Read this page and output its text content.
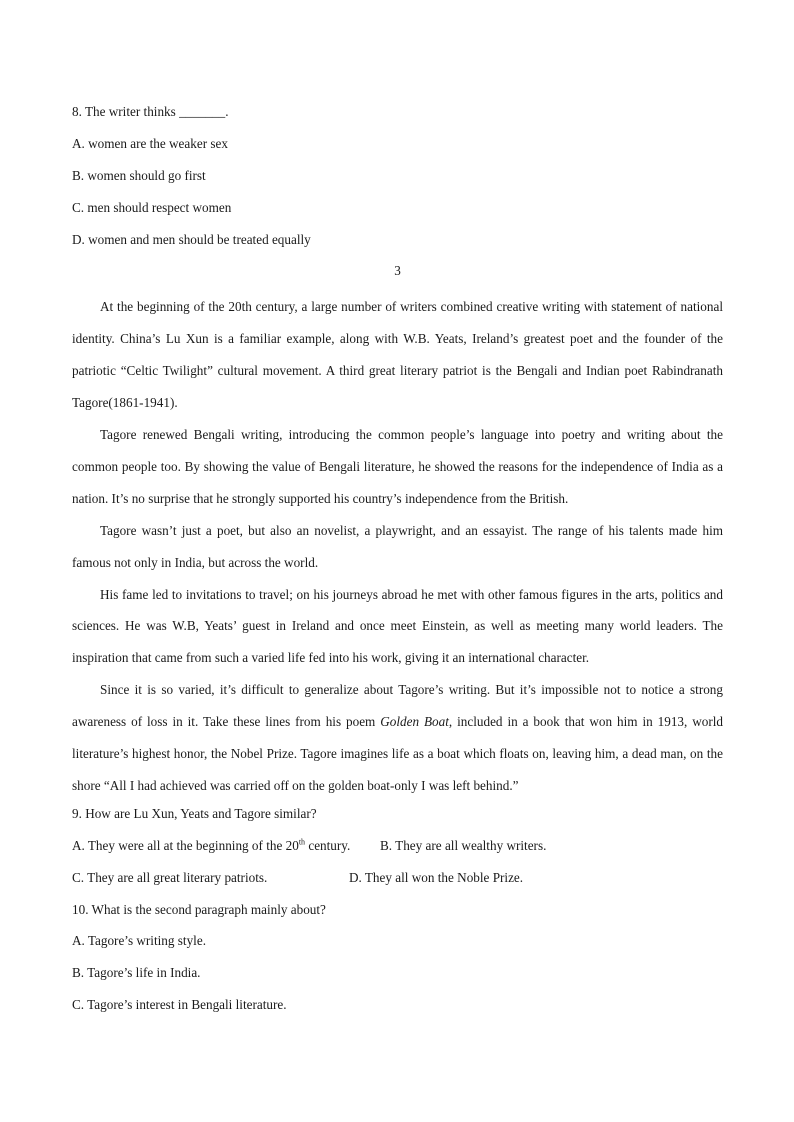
8. The writer thinks _______.
A. women are the weaker sex
B. women should go first
C. men should respect women
D. women and men should be treated equally
3

At the beginning of the 20th century, a large number of writers combined creative writing with statement of national identity. China’s Lu Xun is a familiar example, along with W.B. Yeats, Ireland’s greatest poet and the founder of the patriotic “Celtic Twilight” cultural movement. A third great literary patriot is the Bengali and Indian poet Rabindranath Tagore(1861-1941).

Tagore renewed Bengali writing, introducing the common people’s language into poetry and writing about the common people too. By showing the value of Bengali literature, he showed the reasons for the independence of India as a nation. It’s no surprise that he strongly supported his country’s independence from the British.

Tagore wasn’t just a poet, but also an novelist, a playwright, and an essayist. The range of his talents made him famous not only in India, but across the world.

His fame led to invitations to travel; on his journeys abroad he met with other famous figures in the arts, politics and sciences. He was W.B, Yeats’ guest in Ireland and once meet Einstein, as well as meeting many world leaders. The inspiration that came from such a varied life fed into his work, giving it an international character.

Since it is so varied, it’s difficult to generalize about Tagore’s writing. But it’s impossible not to notice a strong awareness of loss in it. Take these lines from his poem Golden Boat, included in a book that won him in 1913, world literature’s highest honor, the Nobel Prize. Tagore imagines life as a boat which floats on, leaving him, a dead man, on the shore “All I had achieved was carried off on the golden boat-only I was left behind.”

9. How are Lu Xun, Yeats and Tagore similar?
A. They were all at the beginning of the 20th century. B. They are all wealthy writers.
C. They are all great literary patriots.	D. They all won the Noble Prize.
10. What is the second paragraph mainly about?
A. Tagore’s writing style.
B. Tagore’s life in India.
C. Tagore’s interest in Bengali literature.
